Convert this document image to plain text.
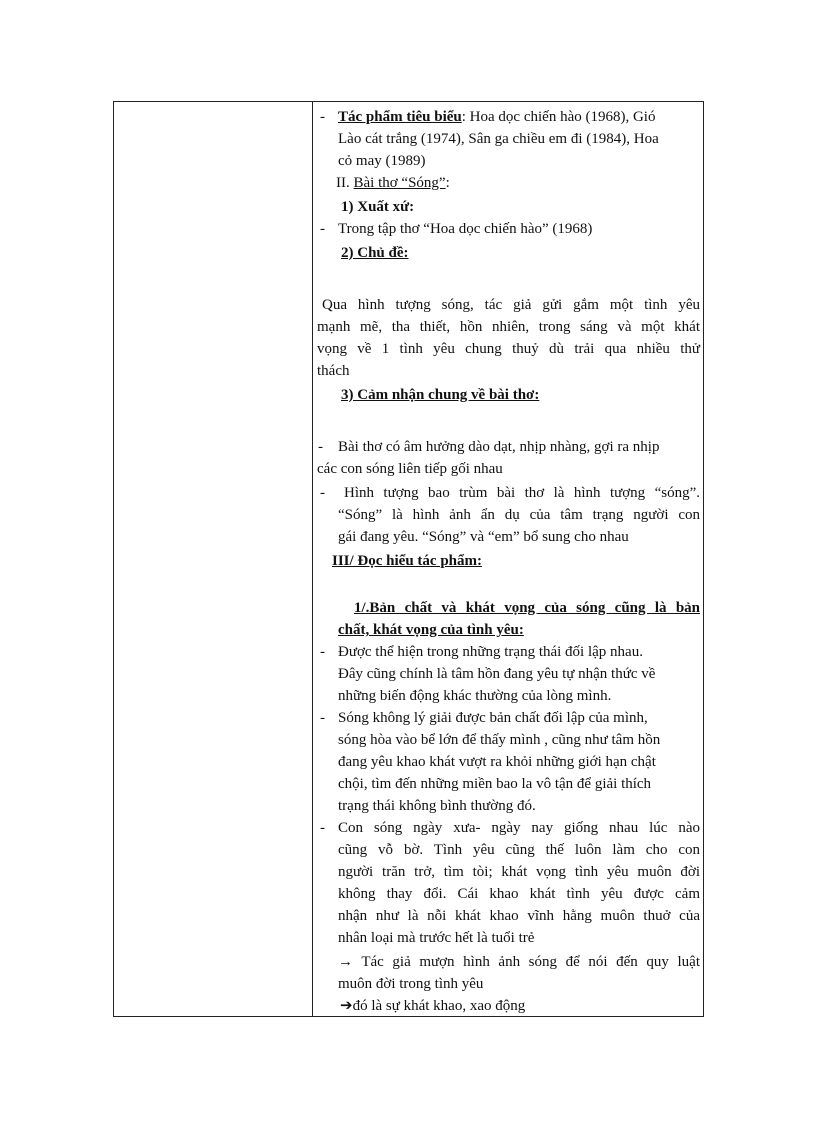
- Tác phẩm tiêu biểu: Hoa dọc chiến hào (1968), Gió
Lào cát trắng (1974), Sân ga chiều em đi (1984), Hoa
cỏ may (1989)
II. Bài thơ “Sóng”:
1) Xuất xứ:
- Trong tập thơ “Hoa dọc chiến hào” (1968)
2) Chủ đề:
Qua hình tượng sóng, tác giả gửi gắm một tình yêu
mạnh mẽ, tha thiết, hồn nhiên, trong sáng và một khát
vọng về 1 tình yêu chung thuỷ dù trải qua nhiều thử
thách
3) Cảm nhận chung về bài thơ:
- Bài thơ có âm hưởng dào dạt, nhịp nhàng, gợi ra nhịp
các con sóng liên tiếp gối nhau
- Hình tượng bao trùm bài thơ là hình tượng “sóng”.
“Sóng” là hình ảnh ẩn dụ của tâm trạng người con
gái đang yêu. “Sóng” và “em” bổ sung cho nhau
III/ Đọc hiểu tác phẩm:
1/.Bản chất và khát vọng của sóng cũng là bản
chất, khát vọng của tình yêu:
- Được thể hiện trong những trạng thái đối lập nhau.
Đây cũng chính là tâm hồn đang yêu tự nhận thức về
những biến động khác thường của lòng mình.
- Sóng không lý giải được bản chất đối lập của mình,
sóng hòa vào bể lớn để thấy mình , cũng như tâm hồn
đang yêu khao khát vượt ra khỏi những giới hạn chật
chội, tìm đến những miền bao la vô tận để giải thích
trạng thái không bình thường đó.
- Con sóng ngày xưa- ngày nay giống nhau lúc nào
cũng vỗ bờ. Tình yêu cũng thế luôn làm cho con
người trăn trở, tìm tòi; khát vọng tình yêu muôn đời
không thay đổi. Cái khao khát tình yêu được cảm
nhận như là nỗi khát khao vĩnh hằng muôn thuở của
nhân loại mà trước hết là tuổi trẻ
→ Tác giả mượn hình ảnh sóng để nói đến quy luật
muôn đời trong tình yêu
➔đó là sự khát khao, xao động
